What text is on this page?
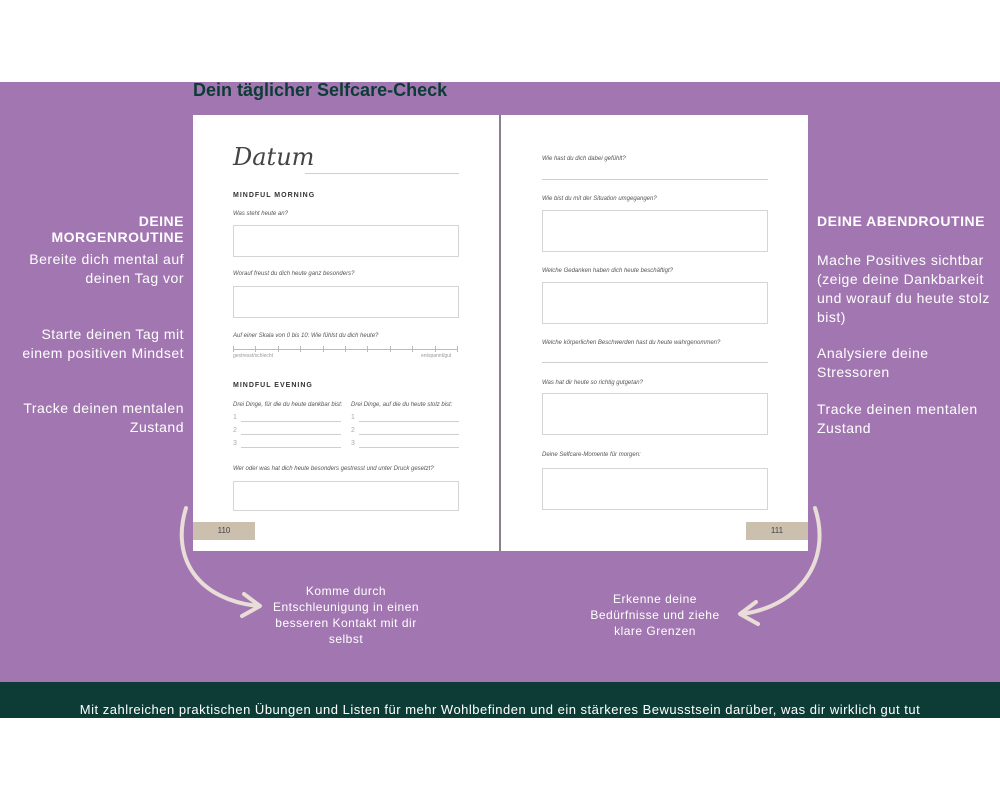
Dein täglicher Selfcare-Check
DEINE MORGENROUTINE
Bereite dich mental auf deinen Tag vor
Starte deinen Tag mit einem positiven Mindset
Tracke deinen mentalen Zustand
DEINE ABENDROUTINE
Mache Positives sichtbar (zeige deine Dankbarkeit und worauf du heute stolz bist)
Analysiere deine Stressoren
Tracke deinen mentalen Zustand
Datum
MINDFUL MORNING
Was steht heute an?
Worauf freust du dich heute ganz besonders?
Auf einer Skala von 0 bis 10: Wie fühlst du dich heute?
gestresst/schlecht	entspannt/gut
MINDFUL EVENING
Drei Dinge, für die du heute dankbar bist: Drei Dinge, auf die du heute stolz bist:
1
2
3
1
2
3
Wer oder was hat dich heute besonders gestresst und unter Druck gesetzt?
110
Wie hast du dich dabei gefühlt?
Wie bist du mit der Situation umgegangen?
Welche Gedanken haben dich heute beschäftigt?
Welche körperlichen Beschwerden hast du heute wahrgenommen?
Was hat dir heute so richtig gutgetan?
Deine Selfcare-Momente für morgen:
111
Komme durch Entschleunigung in einen besseren Kontakt mit dir selbst
Erkenne deine Bedürfnisse und ziehe klare Grenzen
Mit zahlreichen praktischen Übungen und Listen für mehr Wohlbefinden und ein stärkeres Bewusstsein darüber, was dir wirklich gut tut
